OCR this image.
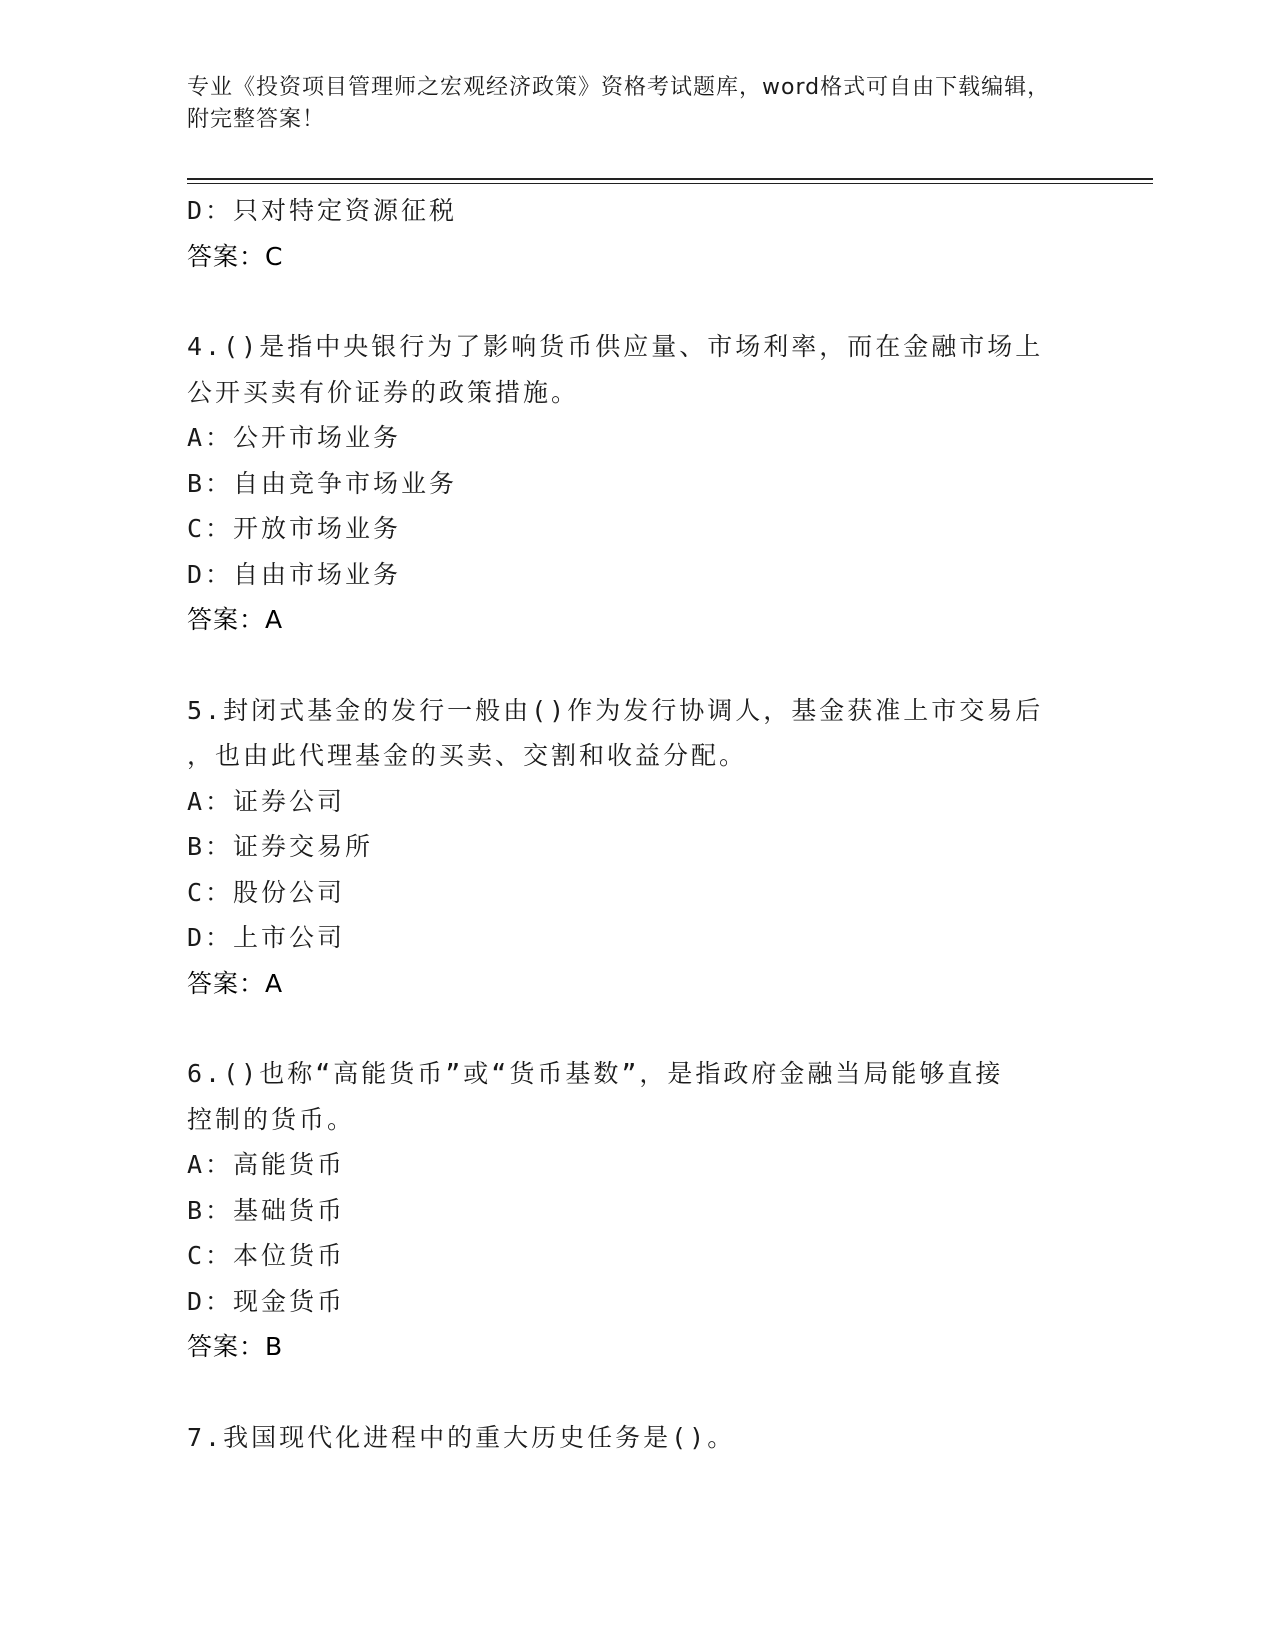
专业《投资项目管理师之宏观经济政策》资格考试题库，word格式可自由下载编辑，附完整答案！
D：只对特定资源征税
答案：C
4.()是指中央银行为了影响货币供应量、市场利率，而在金融市场上
公开买卖有价证券的政策措施。
A：公开市场业务
B：自由竞争市场业务
C：开放市场业务
D：自由市场业务
答案：A
5.封闭式基金的发行一般由()作为发行协调人，基金获准上市交易后
，也由此代理基金的买卖、交割和收益分配。
A：证券公司
B：证券交易所
C：股份公司
D：上市公司
答案：A
6.()也称“高能货币”或“货币基数”，是指政府金融当局能够直接
控制的货币。
A：高能货币
B：基础货币
C：本位货币
D：现金货币
答案：B
7.我国现代化进程中的重大历史任务是()。
